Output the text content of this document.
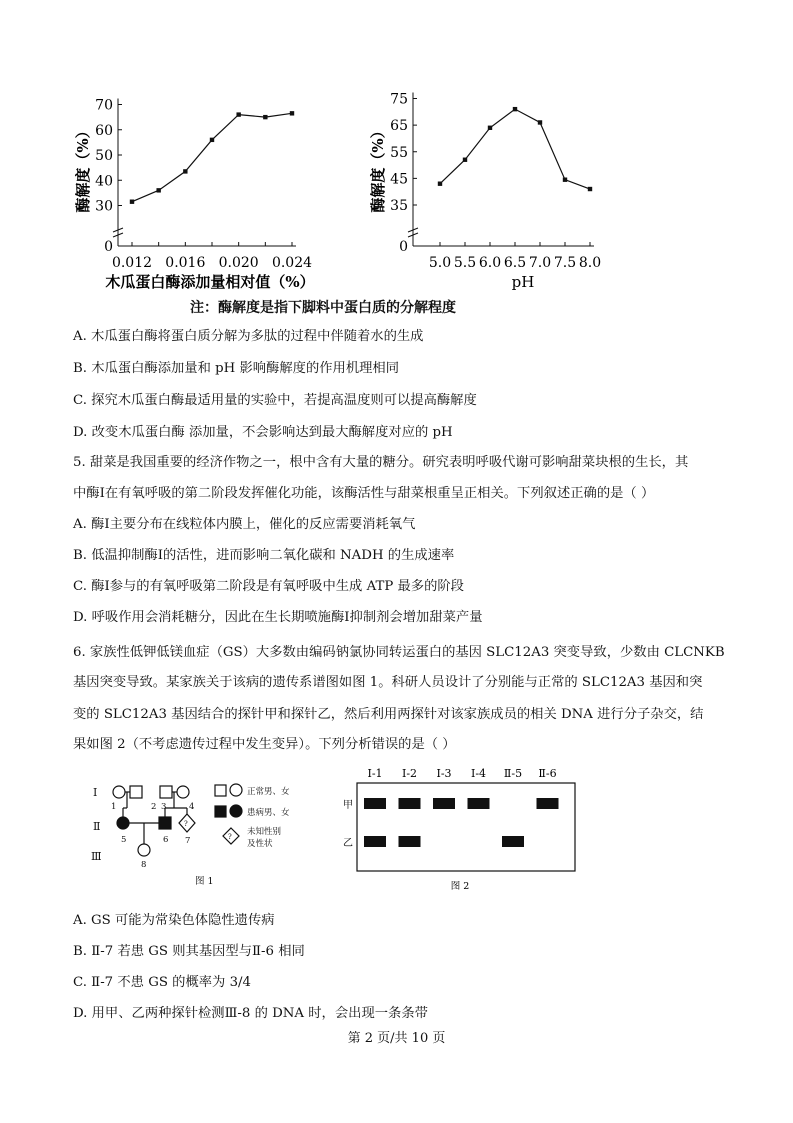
30
40
50
60
70
0
0.012 0.016 0.020 0.024
酶解度（%）
木瓜蛋白酶添加量相对值（%）
35
45
55
65
75
0
5.0 5.5 6.0 6.5 7.0 7.5 8.0
酶解度（%）
pH
注：酶解度是指下脚料中蛋白质的分解程度
A. 木瓜蛋白酶将蛋白质分解为多肽的过程中伴随着水的生成
B. 木瓜蛋白酶添加量和 pH 影响酶解度的作用机理相同
C. 探究木瓜蛋白酶最适用量的实验中，若提高温度则可以提高酶解度
D. 改变木瓜蛋白酶 添加量，不会影响达到最大酶解度对应的 pH
5. 甜菜是我国重要的经济作物之一，根中含有大量的糖分。研究表明呼吸代谢可影响甜菜块根的生长，其
中酶Ⅰ在有氧呼吸的第二阶段发挥催化功能，该酶活性与甜菜根重呈正相关。下列叙述正确的是（ ）
A. 酶Ⅰ主要分布在线粒体内膜上，催化的反应需要消耗氧气
B. 低温抑制酶Ⅰ的活性，进而影响二氧化碳和 NADH 的生成速率
C. 酶Ⅰ参与的有氧呼吸第二阶段是有氧呼吸中生成 ATP 最多的阶段
D. 呼吸作用会消耗糖分，因此在生长期喷施酶Ⅰ抑制剂会增加甜菜产量
6. 家族性低钾低镁血症（GS）大多数由编码钠氯协同转运蛋白的基因 SLC12A3 突变导致，少数由 CLCNKB
基因突变导致。某家族关于该病的遗传系谱图如图 1。科研人员设计了分别能与正常的 SLC12A3 基因和突
变的 SLC12A3 基因结合的探针甲和探针乙，然后利用两探针对该家族成员的相关 DNA 进行分子杂交，结
果如图 2（不考虑遗传过程中发生变异）。下列分析错误的是（ ）
Ⅰ
Ⅱ
Ⅲ
1	2 3	4
5	6 7
8
?
?
正常男、女
患病男、女
未知性别
及性状
图 1
Ⅰ-1 Ⅰ-2 Ⅰ-3 Ⅰ-4 Ⅱ-5 Ⅱ-6
甲
乙
图 2
A. GS 可能为常染色体隐性遗传病
B. Ⅱ-7 若患 GS 则其基因型与Ⅱ-6 相同
C. Ⅱ-7 不患 GS 的概率为 3/4
D. 用甲、乙两种探针检测Ⅲ-8 的 DNA 时，会出现一条条带
第 2 页/共 10 页
